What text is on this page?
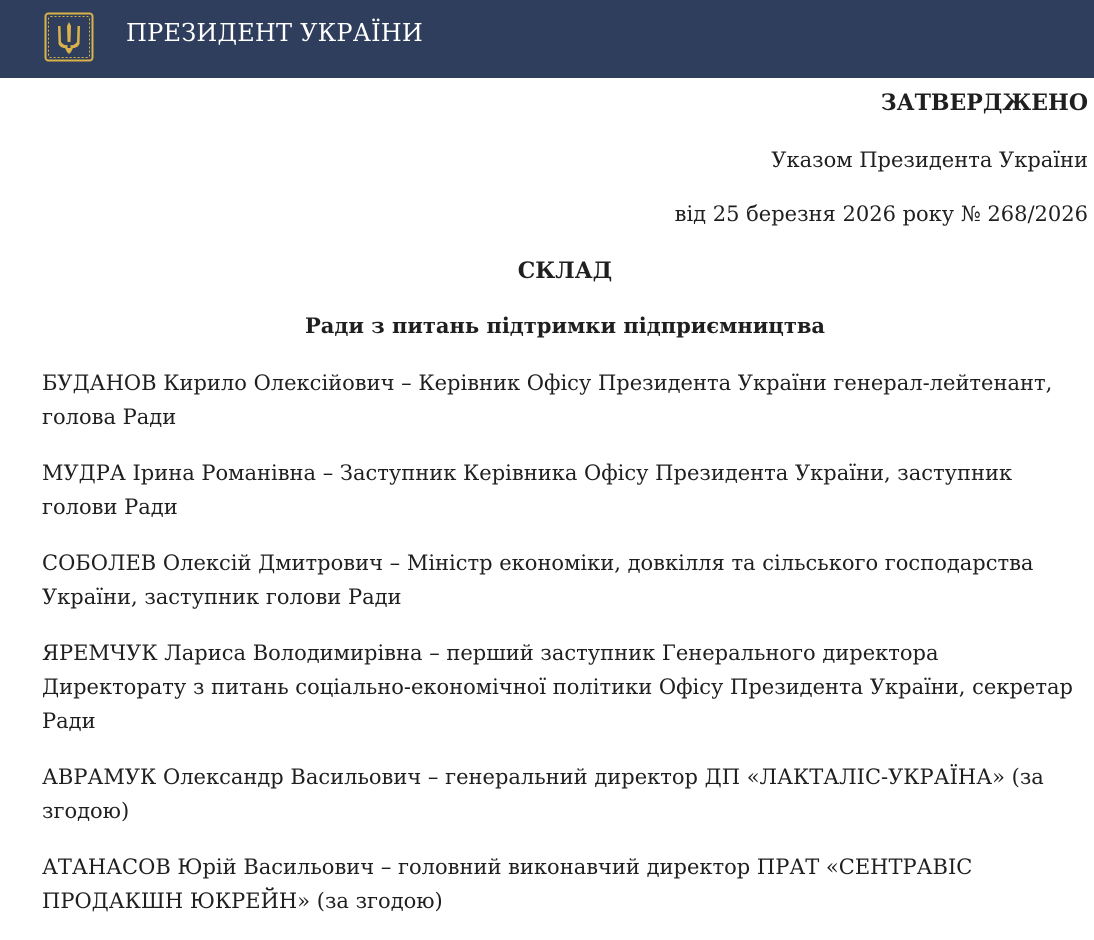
ПРЕЗИДЕНТ УКРАЇНИ
ЗАТВЕРДЖЕНО
Указом Президента України
від 25 березня 2026 року № 268/2026
СКЛАД
Ради з питань підтримки підприємництва

БУДАНОВ Кирило Олексійович – Керівник Офісу Президента України генерал-лейтенант, голова Ради

МУДРА Ірина Романівна – Заступник Керівника Офісу Президента України, заступник голови Ради

СОБОЛЕВ Олексій Дмитрович – Міністр економіки, довкілля та сільського господарства України, заступник голови Ради

ЯРЕМЧУК Лариса Володимирівна – перший заступник Генерального директора Директорату з питань соціально-економічної політики Офісу Президента України, секретар Ради

АВРАМУК Олександр Васильович – генеральний директор ДП «ЛАКТАЛІС-УКРАЇНА» (за згодою)

АТАНАСОВ Юрій Васильович – головний виконавчий директор ПРАТ «СЕНТРАВІС ПРОДАКШН ЮКРЕЙН» (за згодою)
